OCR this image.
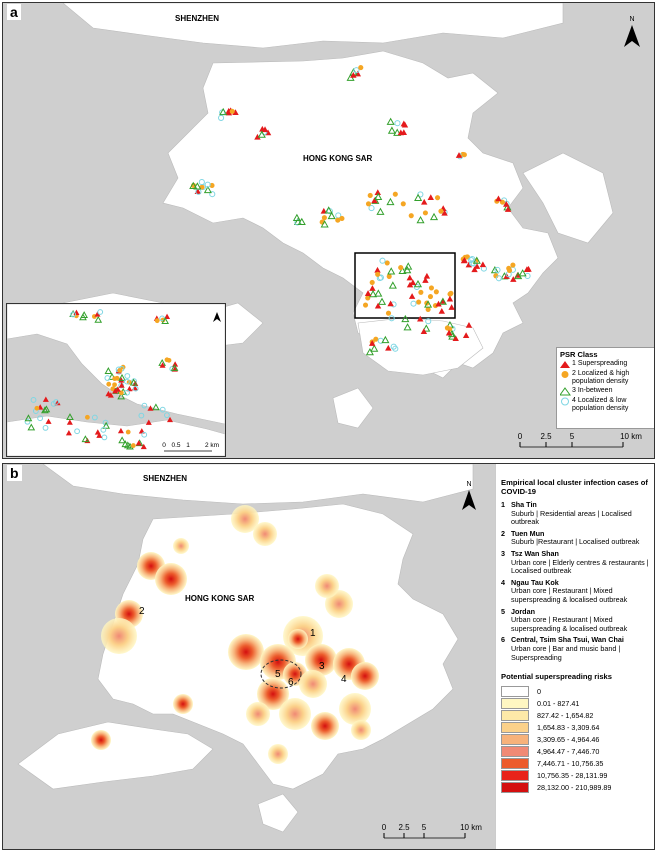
SHENZHEN
HONG KONG SAR
N
0 2.5 5	10 km
a
0 0.5 1 2 km
PSR Class
1 Superspreading
2 Localized & high
population density
3 In-between
4 Localized & low
population density
SHENZHEN
HONG KONG SAR
1
2
3
4
5
6
N
0 2.5 5	10 km
b
Empirical local cluster infection cases of COVID-19
1 Sha Tin
Suburb | Residential areas | Localised outbreak
2 Tuen Mun
Suburb |Restaurant | Localised outbreak
3 Tsz Wan Shan
Urban core | Elderly centres & restaurants | Localised outbreak
4 Ngau Tau Kok
Urban core | Restaurant | Mixed superspreading & localised outbreak
5 Jordan
Urban core | Restaurant | Mixed superspreading & localised outbreak
6 Central, Tsim Sha Tsui, Wan Chai
Urban core | Bar and music band | Superspreading
Potential superspreading risks
0
0.01 - 827.41
827.42 - 1,654.82
1,654.83 - 3,309.64
3,309.65 - 4,964.46
4,964.47 - 7,446.70
7,446.71 - 10,756.35
10,756.35 - 28,131.99
28,132.00 - 210,989.89
